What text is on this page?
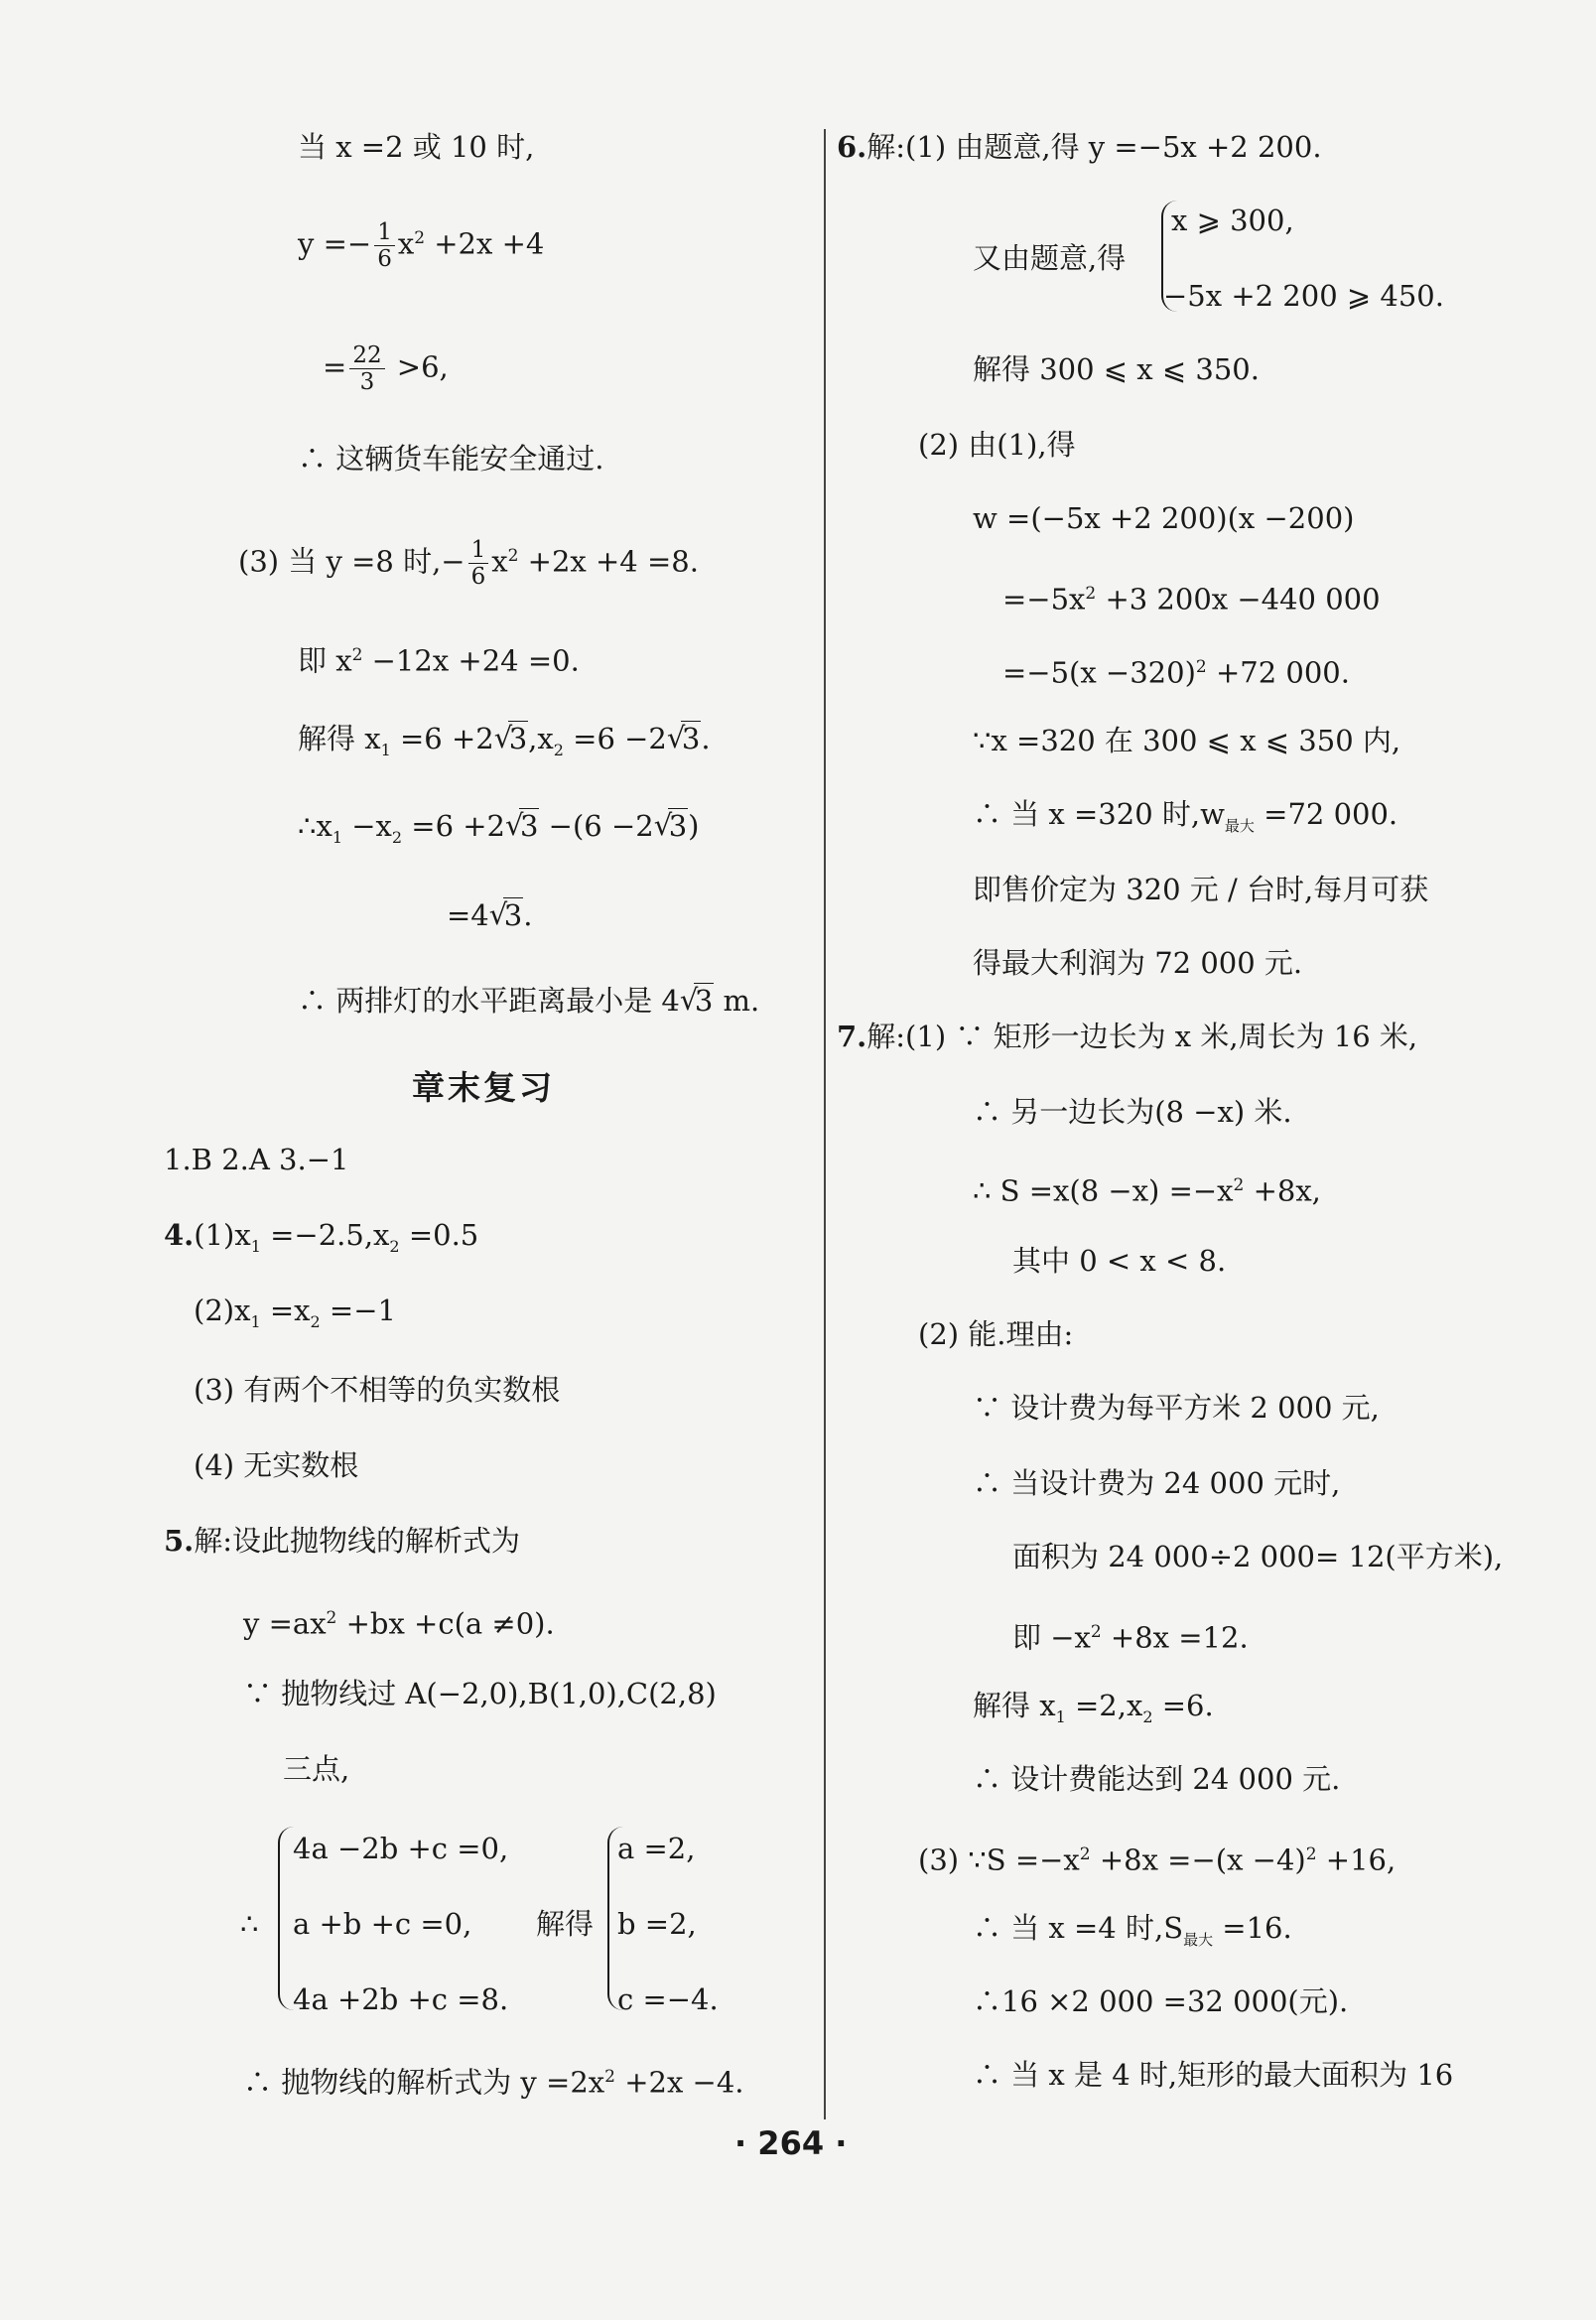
当 x =2 或 10 时,
$y =- \frac{1}{6} x^2 +2x +4$
= $\frac{22}{3} >6$,
∴ 这辆货车能安全通过.
(3) 当 y =8 时,− $\frac{1}{6} x^2 +2x +4 =8$.
即 $x^2 -12x +24 =0$.
解得 $x_1 =6 +2√$ $3,x_2 =6 -2√$ 3.
$\therefore x_1 -x_2 =6 +2√$ 3 −(6 −2√ 3)
=4√ 3.
∴ 两排灯的水平距离最小是 4√ 3 m.
章末复习
1.B 2.A 3.−1
$4.(1)x_1 =-2.5,x_2 =0.5$
$(2)x_1 =x_2 =-1$
(3) 有两个不相等的负实数根
(4) 无实数根
5.解:设此抛物线的解析式为
$y =ax^2 +bx +c(a \ne 0)$.
∵ 抛物线过 A(−2,0),B(1,0),C(2,8)
三点,
∴
4a −2b +c =0,
a +b +c =0,
4a +2b +c =8.
解得
a =2,
b =2,
c =−4.
∴ 抛物线的解析式为 $y =2x^2 +2x -4$.
6.解:(1) 由题意,得 y =−5x +2 200.
又由题意,得
x ⩾ 300,
−5x +2 200 ⩾ 450.
解得 300 ⩽ x ⩽ 350.
(2) 由(1),得
w =(−5x +2 200)(x −200)
$=-5x^2 +3$ 200x −440 000
$=-5(x -320)^2 +72$ 000.
∵x =320 在 300 ⩽ x ⩽ 350 内,
∴ 当 x =320 时$,w_{最大} =72$ 000.
即售价定为 320 元 / 台时,每月可获
得最大利润为 72 000 元.
7.解:(1) ∵ 矩形一边长为 x 米,周长为 16 米,
∴ 另一边长为(8 −x) 米.
∴ $S =x(8 -x) =-x^2 +8x$,
其中 0 < x < 8.
(2) 能.理由:
∵ 设计费为每平方米 2 000 元,
∴ 当设计费为 24 000 元时,
面积为 24 000÷2 000= 12(平方米),
即 $-x^2 +8x =12$.
解得 $x_1 =2,x_2 =6$.
∴ 设计费能达到 24 000 元.
(3) ∵S $=-x^2 +8x =-(x -4)^2 +16$,
∴ 当 x =4 时$,S_{最大} =16$.
∴16 ×2 000 =32 000(元).
∴ 当 x 是 4 时,矩形的最大面积为 16
· 264 ·
